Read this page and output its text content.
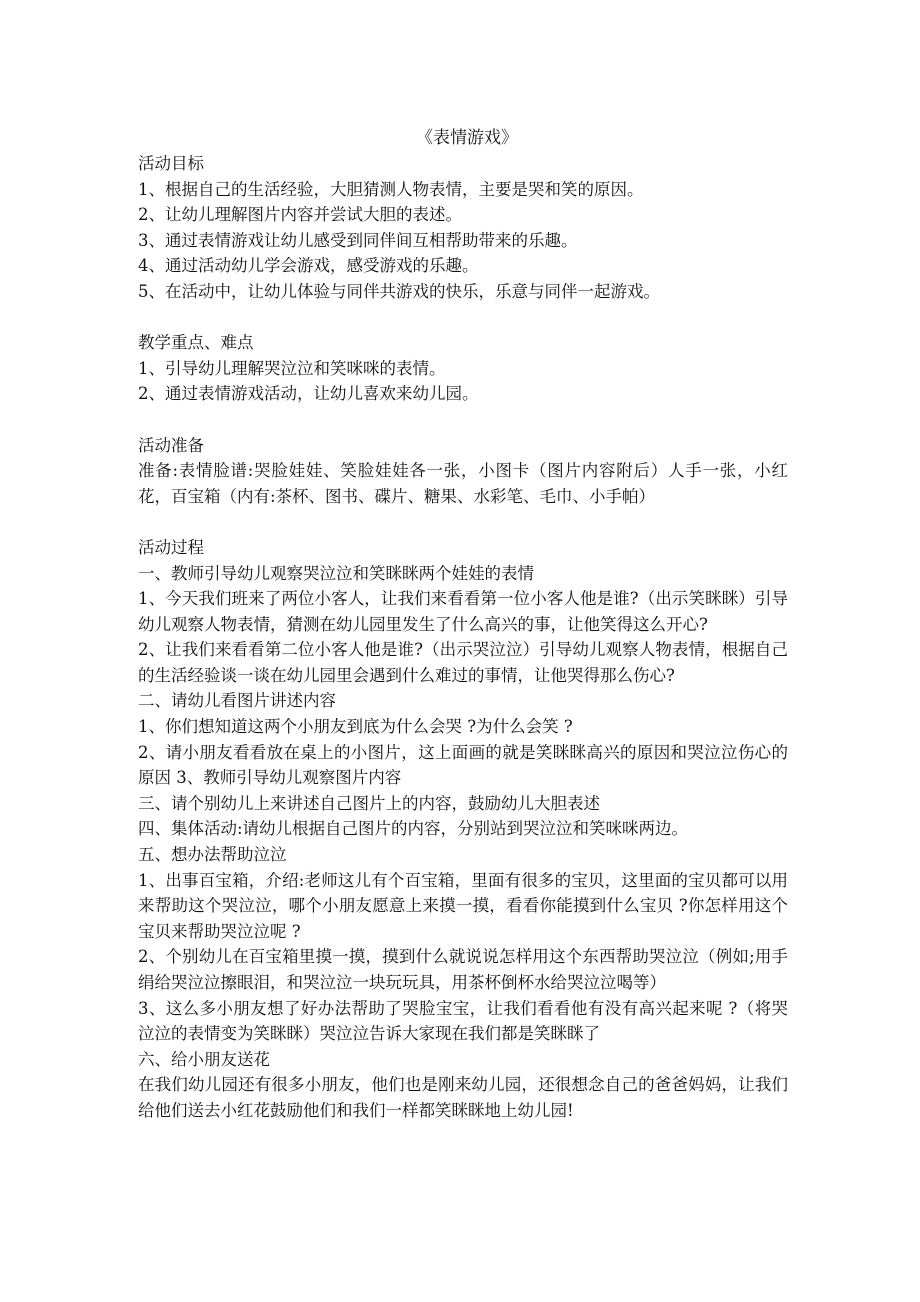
《表情游戏》

活动目标

1、根据自己的生活经验，大胆猜测人物表情，主要是哭和笑的原因。

2、让幼儿理解图片内容并尝试大胆的表述。

3、通过表情游戏让幼儿感受到同伴间互相帮助带来的乐趣。

4、通过活动幼儿学会游戏，感受游戏的乐趣。

5、在活动中，让幼儿体验与同伴共游戏的快乐，乐意与同伴一起游戏。

教学重点、难点

1、引导幼儿理解哭泣泣和笑咪咪的表情。

2、通过表情游戏活动，让幼儿喜欢来幼儿园。

活动准备

准备:表情脸谱:哭脸娃娃、笑脸娃娃各一张，小图卡（图片内容附后）人手一张，小红花，百宝箱（内有:茶杯、图书、碟片、糖果、水彩笔、毛巾、小手帕）

活动过程

一、教师引导幼儿观察哭泣泣和笑眯眯两个娃娃的表情

1、今天我们班来了两位小客人，让我们来看看第一位小客人他是谁?（出示笑眯眯）引导幼儿观察人物表情，猜测在幼儿园里发生了什么高兴的事，让他笑得这么开心?

2、让我们来看看第二位小客人他是谁?（出示哭泣泣）引导幼儿观察人物表情，根据自己的生活经验谈一谈在幼儿园里会遇到什么难过的事情，让他哭得那么伤心?

二、请幼儿看图片讲述内容

1、你们想知道这两个小朋友到底为什么会哭 ?为什么会笑 ?

2、请小朋友看看放在桌上的小图片，这上面画的就是笑眯眯高兴的原因和哭泣泣伤心的原因 3、教师引导幼儿观察图片内容

三、请个别幼儿上来讲述自己图片上的内容，鼓励幼儿大胆表述

四、集体活动:请幼儿根据自己图片的内容，分别站到哭泣泣和笑咪咪两边。

五、想办法帮助泣泣

1、出事百宝箱，介绍:老师这儿有个百宝箱，里面有很多的宝贝，这里面的宝贝都可以用来帮助这个哭泣泣，哪个小朋友愿意上来摸一摸，看看你能摸到什么宝贝 ?你怎样用这个宝贝来帮助哭泣泣呢 ?

2、个别幼儿在百宝箱里摸一摸，摸到什么就说说怎样用这个东西帮助哭泣泣（例如;用手绢给哭泣泣擦眼泪，和哭泣泣一块玩玩具，用茶杯倒杯水给哭泣泣喝等）

3、这么多小朋友想了好办法帮助了哭脸宝宝，让我们看看他有没有高兴起来呢 ?（将哭泣泣的表情变为笑眯眯）哭泣泣告诉大家现在我们都是笑眯眯了

六、给小朋友送花

在我们幼儿园还有很多小朋友，他们也是刚来幼儿园，还很想念自己的爸爸妈妈，让我们给他们送去小红花鼓励他们和我们一样都笑眯眯地上幼儿园!
